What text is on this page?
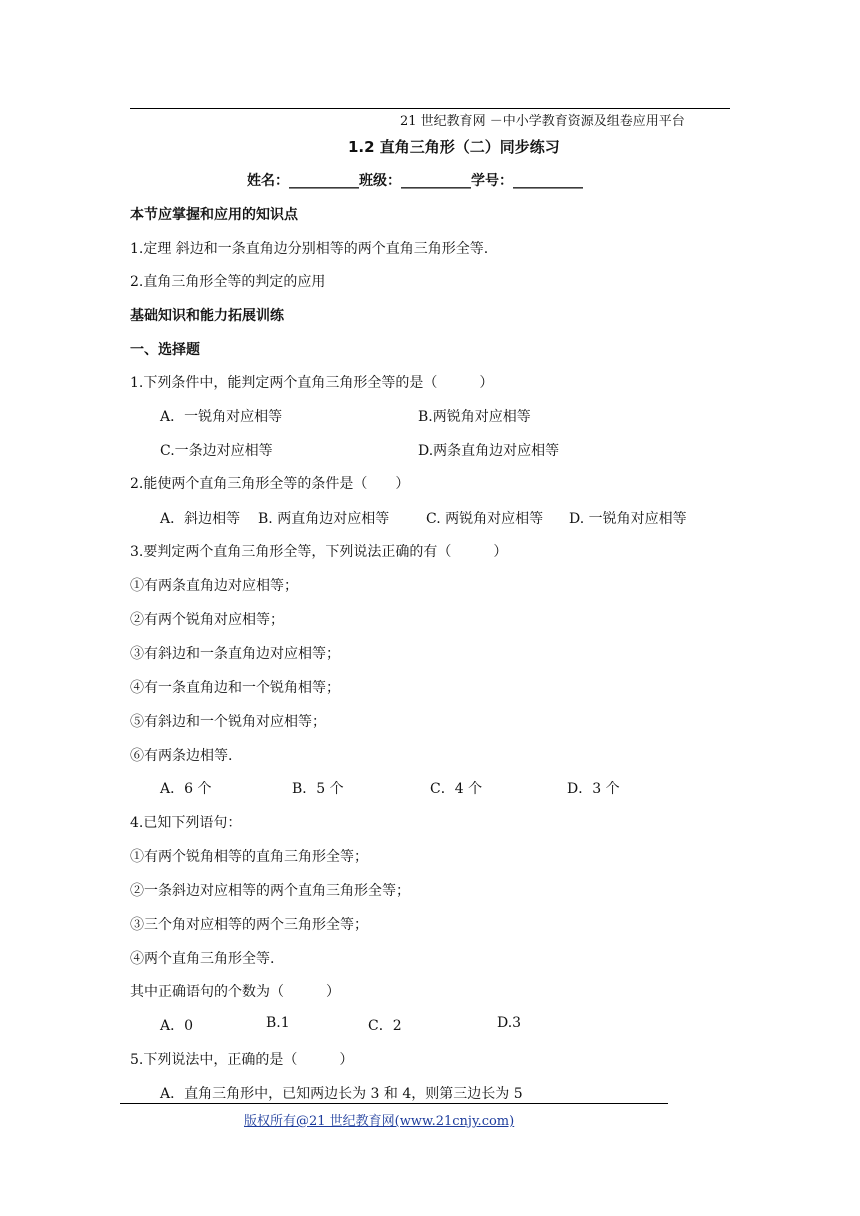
21 世纪教育网 －中小学教育资源及组卷应用平台
1.2 直角三角形（二）同步练习
姓名：__________班级：__________学号：__________
本节应掌握和应用的知识点
1.定理 斜边和一条直角边分别相等的两个直角三角形全等.
2.直角三角形全等的判定的应用
基础知识和能力拓展训练
一、选择题
1.下列条件中，能判定两个直角三角形全等的是（　　　）
A．一锐角对应相等	B.两锐角对应相等
C.一条边对应相等	D.两条直角边对应相等
2.能使两个直角三角形全等的条件是（　　）
A．斜边相等 B. 两直角边对应相等	C. 两锐角对应相等 D. 一锐角对应相等
3.要判定两个直角三角形全等，下列说法正确的有（　　　）
①有两条直角边对应相等；
②有两个锐角对应相等；
③有斜边和一条直角边对应相等；
④有一条直角边和一个锐角相等；
⑤有斜边和一个锐角对应相等；
⑥有两条边相等.
A．6 个	B．5 个	C．4 个	D．3 个
4.已知下列语句：
①有两个锐角相等的直角三角形全等；
②一条斜边对应相等的两个直角三角形全等；
③三个角对应相等的两个三角形全等；
④两个直角三角形全等.
其中正确语句的个数为（　　　）
A．0	B.1	C．2	D.3
5.下列说法中，正确的是（　　　）
A．直角三角形中，已知两边长为 3 和 4，则第三边长为 5
版权所有@21 世纪教育网(www.21cnjy.com)
